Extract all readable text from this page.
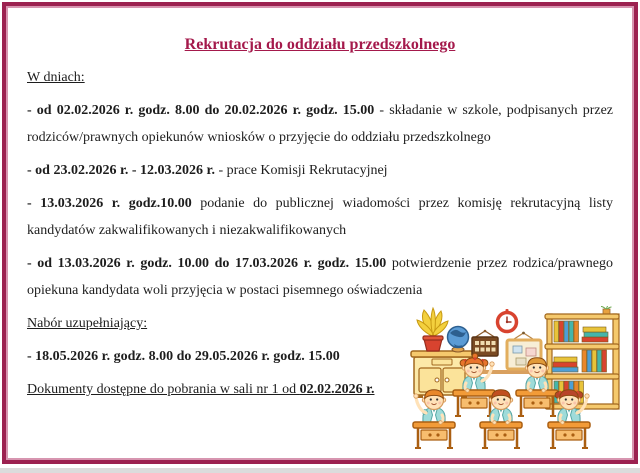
Rekrutacja do oddziału przedszkolnego
W dniach:

- od 02.02.2026 r. godz. 8.00 do 20.02.2026 r. godz. 15.00 - składanie w szkole, podpisanych przez rodziców/prawnych opiekunów wniosków o przyjęcie do oddziału przedszkolnego

- od 23.02.2026 r. - 12.03.2026 r. - prace Komisji Rekrutacyjnej

- 13.03.2026 r. godz.10.00 podanie do publicznej wiadomości przez komisję rekrutacyjną listy kandydatów zakwalifikowanych i niezakwalifikowanych

- od 13.03.2026 r. godz. 10.00 do 17.03.2026 r. godz. 15.00 potwierdzenie przez rodzica/prawnego opiekuna kandydata woli przyjęcia w postaci pisemnego oświadczenia

Nabór uzupełniający:
- 18.05.2026 r. godz. 8.00 do 29.05.2026 r. godz. 15.00
Dokumenty dostępne do pobrania w sali nr 1 od 02.02.2026 r.
